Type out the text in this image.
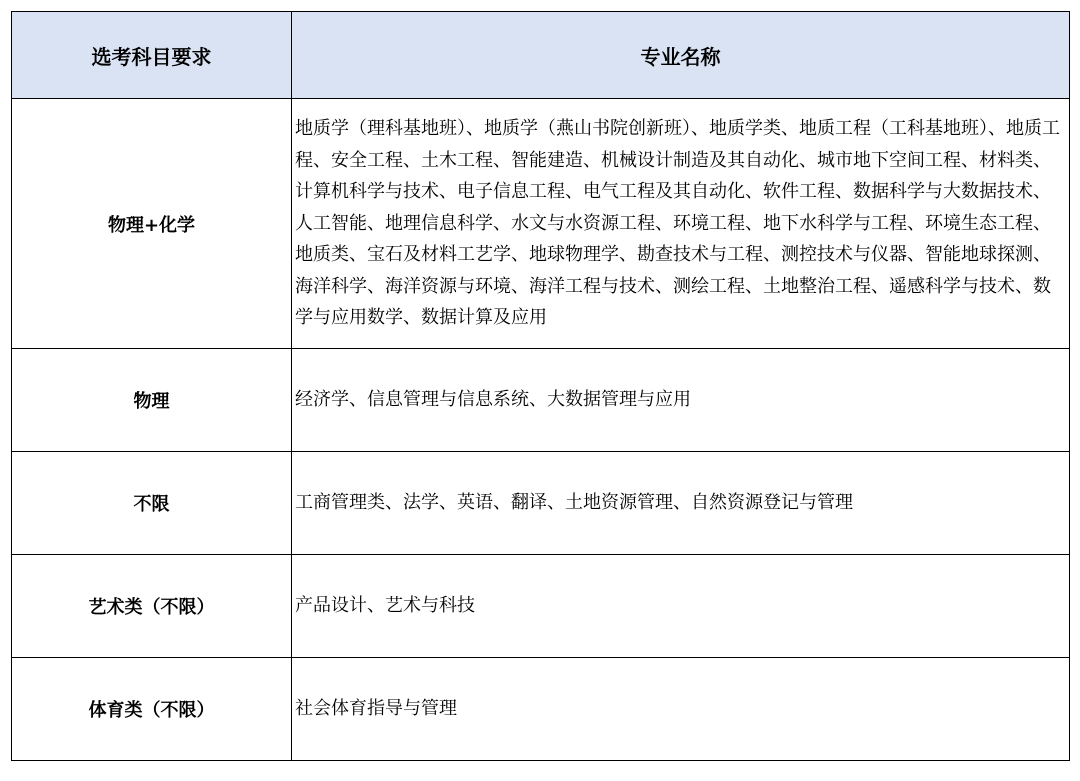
选考科目要求	专业名称
物理+化学	地质学（理科基地班）、地质学（燕山书院创新班）、地质学类、地质工程（工科基地班）、地质工程、安全工程、土木工程、智能建造、机械设计制造及其自动化、城市地下空间工程、材料类、计算机科学与技术、电子信息工程、电气工程及其自动化、软件工程、数据科学与大数据技术、人工智能、地理信息科学、水文与水资源工程、环境工程、地下水科学与工程、环境生态工程、地质类、宝石及材料工艺学、地球物理学、勘查技术与工程、测控技术与仪器、智能地球探测、海洋科学、海洋资源与环境、海洋工程与技术、测绘工程、土地整治工程、遥感科学与技术、数学与应用数学、数据计算及应用
物理	经济学、信息管理与信息系统、大数据管理与应用
不限	工商管理类、法学、英语、翻译、土地资源管理、自然资源登记与管理
艺术类（不限）	产品设计、艺术与科技
体育类（不限）	社会体育指导与管理
